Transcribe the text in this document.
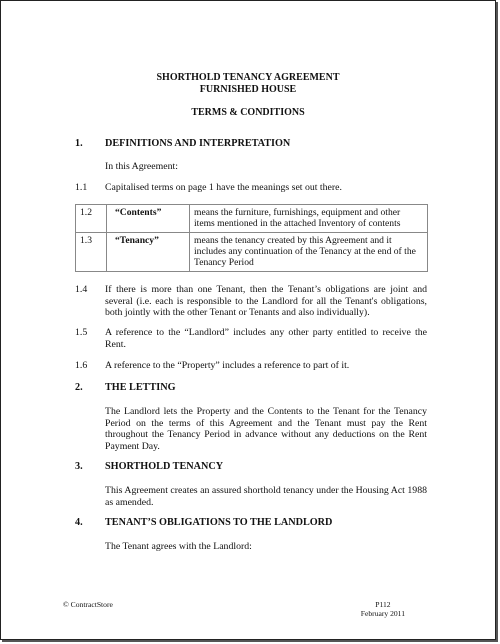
SHORTHOLD TENANCY AGREEMENT
FURNISHED HOUSE
TERMS & CONDITIONS
1.	DEFINITIONS AND INTERPRETATION
In this Agreement:
1.1	Capitalised terms on page 1 have the meanings set out there.
1.2	“Contents”	means the furniture, furnishings, equipment and other items mentioned in the attached Inventory of contents
1.3	“Tenancy”	means the tenancy created by this Agreement and it includes any continuation of the Tenancy at the end of the Tenancy Period
1.4	If there is more than one Tenant, then the Tenant’s obligations are joint and several (i.e. each is responsible to the Landlord for all the Tenant's obligations, both jointly with the other Tenant or Tenants and also individually).
1.5	A reference to the “Landlord” includes any other party entitled to receive the Rent.
1.6	A reference to the “Property” includes a reference to part of it.
2.	THE LETTING
The Landlord lets the Property and the Contents to the Tenant for the Tenancy Period on the terms of this Agreement and the Tenant must pay the Rent throughout the Tenancy Period in advance without any deductions on the Rent Payment Day.
3.	SHORTHOLD TENANCY
This Agreement creates an assured shorthold tenancy under the Housing Act 1988 as amended.
4.	TENANT’S OBLIGATIONS TO THE LANDLORD
The Tenant agrees with the Landlord:
© ContractStore	P112
February 2011
